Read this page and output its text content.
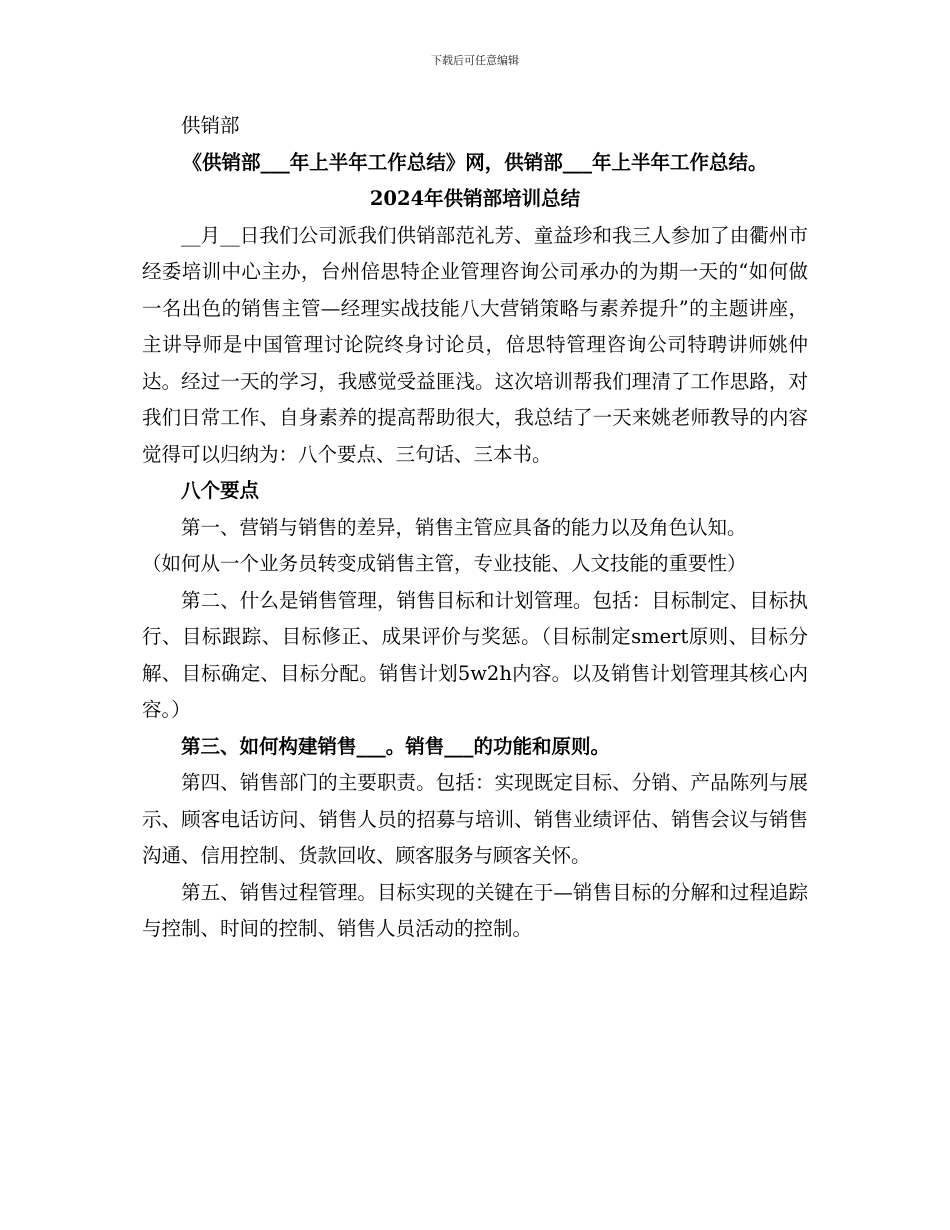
下载后可任意编辑

供销部

《供销部___年上半年工作总结》网，供销部___年上半年工作总结。

2024年供销部培训总结

__月__日我们公司派我们供销部范礼芳、童益珍和我三人参加了由衢州市经委培训中心主办，台州倍思特企业管理咨询公司承办的为期一天的“如何做一名出色的销售主管—经理实战技能八大营销策略与素养提升”的主题讲座，主讲导师是中国管理讨论院终身讨论员，倍思特管理咨询公司特聘讲师姚仲达。经过一天的学习，我感觉受益匪浅。这次培训帮我们理清了工作思路，对我们日常工作、自身素养的提高帮助很大，我总结了一天来姚老师教导的内容觉得可以归纳为：八个要点、三句话、三本书。

八个要点

第一、营销与销售的差异，销售主管应具备的能力以及角色认知。

（如何从一个业务员转变成销售主管，专业技能、人文技能的重要性）

第二、什么是销售管理，销售目标和计划管理。包括：目标制定、目标执行、目标跟踪、目标修正、成果评价与奖惩。（目标制定smert原则、目标分解、目标确定、目标分配。销售计划5w2h内容。以及销售计划管理其核心内容。）

第三、如何构建销售___。销售___的功能和原则。

第四、销售部门的主要职责。包括：实现既定目标、分销、产品陈列与展示、顾客电话访问、销售人员的招募与培训、销售业绩评估、销售会议与销售沟通、信用控制、货款回收、顾客服务与顾客关怀。

第五、销售过程管理。目标实现的关键在于—销售目标的分解和过程追踪与控制、时间的控制、销售人员活动的控制。
